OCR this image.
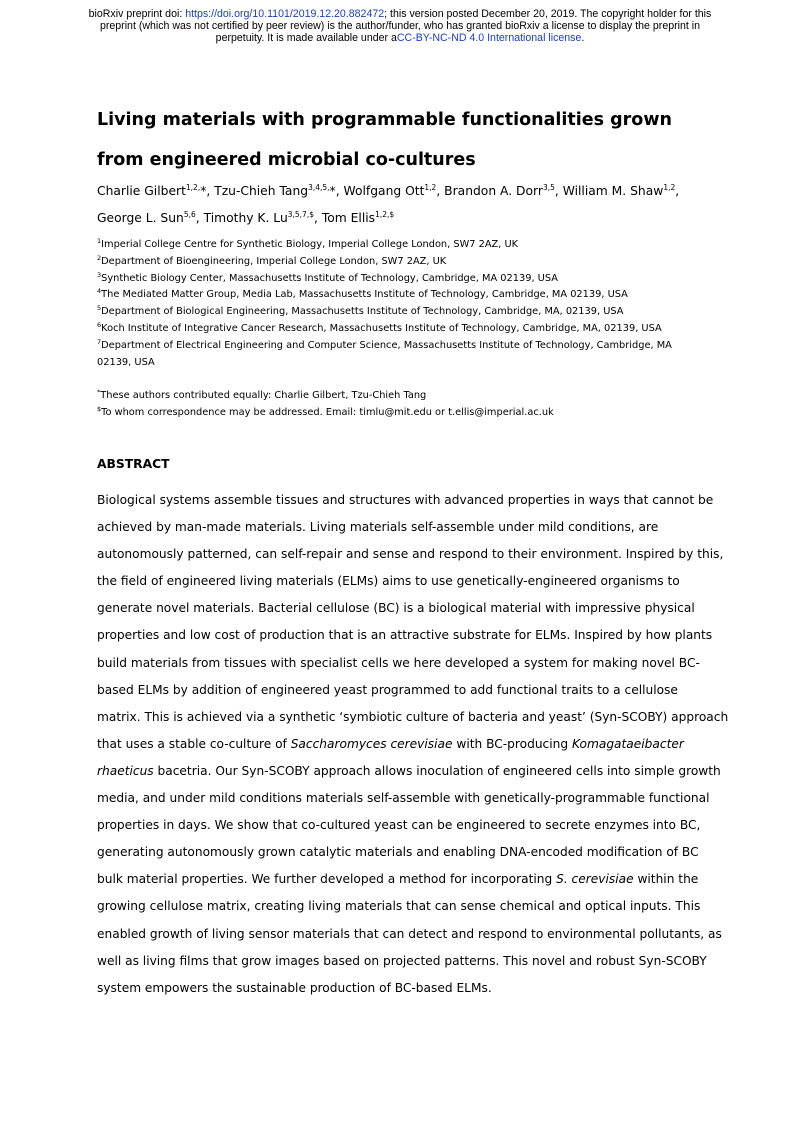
bioRxiv preprint doi: https://doi.org/10.1101/2019.12.20.882472; this version posted December 20, 2019. The copyright holder for this
preprint (which was not certified by peer review) is the author/funder, who has granted bioRxiv a license to display the preprint in
perpetuity. It is made available under aCC-BY-NC-ND 4.0 International license.
Living materials with programmable functionalities grown from engineered microbial co-cultures

Charlie Gilbert$^{1,2,}$*, Tzu-Chieh Tang$^{3,4,5,}$*, Wolfgang Ott$^{1,2}$, Brandon A. Dorr$^{3,5}$, William M. Shaw$^{1,2}$,
George L. Sun$^{5,6}$, Timothy K. $Lu^{3,5,7,\$}$, Tom Ellis$^{1,2,\$}$

$^1$Imperial College Centre for Synthetic Biology, Imperial College London, SW7 2AZ, UK
$^2$Department of Bioengineering, Imperial College London, SW7 2AZ, UK
$^3$Synthetic Biology Center, Massachusetts Institute of Technology, Cambridge, MA 02139, USA
$^4$The Mediated Matter Group, Media Lab, Massachusetts Institute of Technology, Cambridge, MA 02139, USA
$^5$Department of Biological Engineering, Massachusetts Institute of Technology, Cambridge, MA, 02139, USA
$^6$Koch Institute of Integrative Cancer Research, Massachusetts Institute of Technology, Cambridge, MA, 02139, USA
$^7$Department of Electrical Engineering and Computer Science, Massachusetts Institute of Technology, Cambridge, MA 02139, USA
*These authors contributed equally: Charlie Gilbert, Tzu-Chieh Tang
$To whom correspondence may be addressed. Email: timlu@mit.edu or t.ellis@imperial.ac.uk
ABSTRACT
Biological systems assemble tissues and structures with advanced properties in ways that cannot be
achieved by man-made materials. Living materials self-assemble under mild conditions, are
autonomously patterned, can self-repair and sense and respond to their environment. Inspired by this,
the field of engineered living materials (ELMs) aims to use genetically-engineered organisms to
generate novel materials. Bacterial cellulose (BC) is a biological material with impressive physical
properties and low cost of production that is an attractive substrate for ELMs. Inspired by how plants
build materials from tissues with specialist cells we here developed a system for making novel BC-
based ELMs by addition of engineered yeast programmed to add functional traits to a cellulose
matrix. This is achieved via a synthetic ‘symbiotic culture of bacteria and yeast’ (Syn-SCOBY) approach
that uses a stable co-culture of Saccharomyces cerevisiae with BC-producing Komagataeibacter
rhaeticus bacetria. Our Syn-SCOBY approach allows inoculation of engineered cells into simple growth
media, and under mild conditions materials self-assemble with genetically-programmable functional
properties in days. We show that co-cultured yeast can be engineered to secrete enzymes into BC,
generating autonomously grown catalytic materials and enabling DNA-encoded modification of BC
bulk material properties. We further developed a method for incorporating S. cerevisiae within the
growing cellulose matrix, creating living materials that can sense chemical and optical inputs. This
enabled growth of living sensor materials that can detect and respond to environmental pollutants, as
well as living films that grow images based on projected patterns. This novel and robust Syn-SCOBY
system empowers the sustainable production of BC-based ELMs.
